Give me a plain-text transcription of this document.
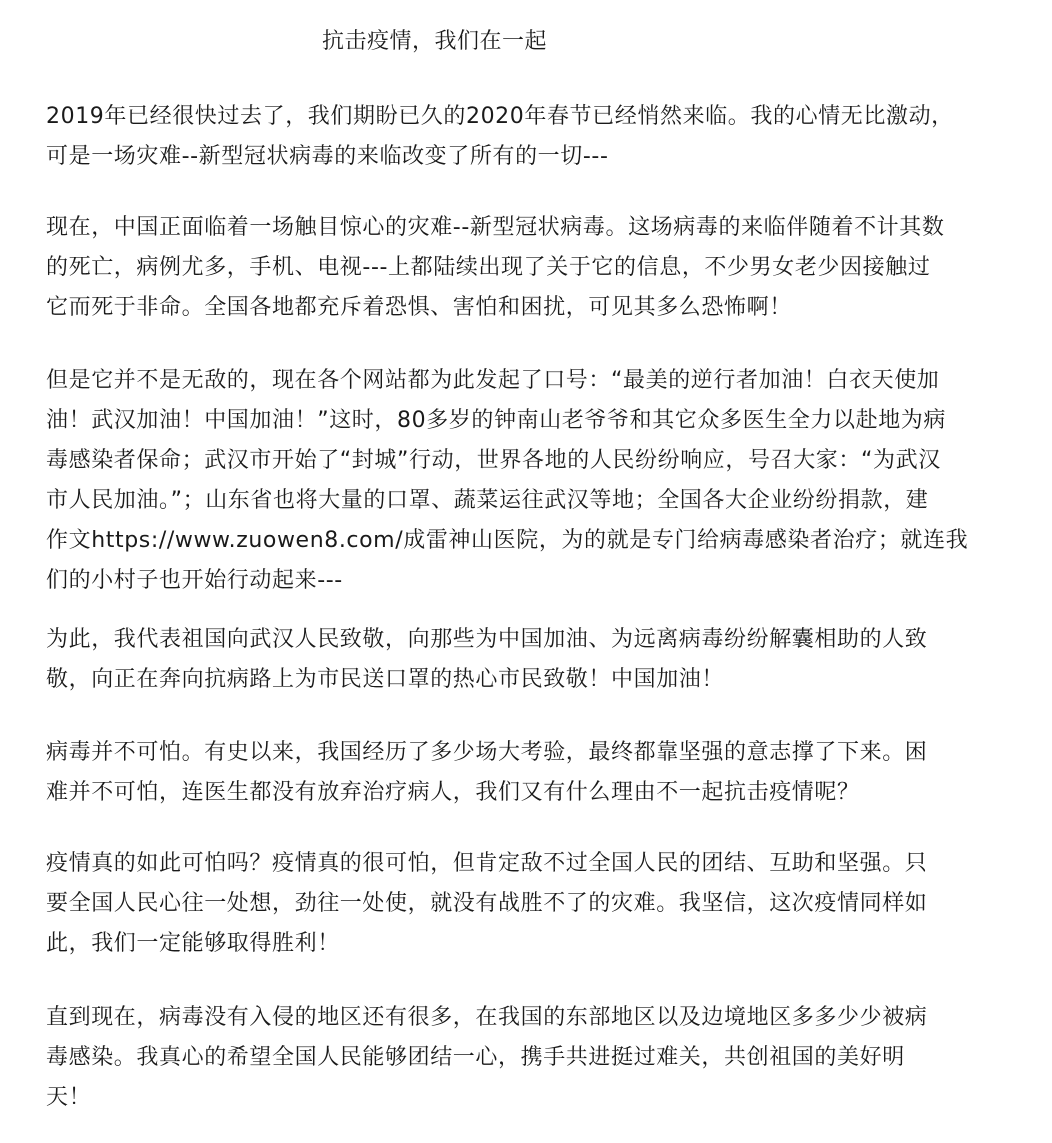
抗击疫情，我们在一起

2019年已经很快过去了，我们期盼已久的2020年春节已经悄然来临。我的心情无比激动，
可是一场灾难--新型冠状病毒的来临改变了所有的一切---

现在，中国正面临着一场触目惊心的灾难--新型冠状病毒。这场病毒的来临伴随着不计其数
的死亡，病例尤多，手机、电视---上都陆续出现了关于它的信息，不少男女老少因接触过
它而死于非命。全国各地都充斥着恐惧、害怕和困扰，可见其多么恐怖啊！

但是它并不是无敌的，现在各个网站都为此发起了口号：“最美的逆行者加油！白衣天使加
油！武汉加油！中国加油！”这时，80多岁的钟南山老爷爷和其它众多医生全力以赴地为病
毒感染者保命；武汉市开始了“封城”行动，世界各地的人民纷纷响应，号召大家：“为武汉
市人民加油。”；山东省也将大量的口罩、蔬菜运往武汉等地；全国各大企业纷纷捐款，建
作文https://www.zuowen8.com/成雷神山医院，为的就是专门给病毒感染者治疗；就连我
们的小村子也开始行动起来---

为此，我代表祖国向武汉人民致敬，向那些为中国加油、为远离病毒纷纷解囊相助的人致
敬，向正在奔向抗病路上为市民送口罩的热心市民致敬！中国加油！

病毒并不可怕。有史以来，我国经历了多少场大考验，最终都靠坚强的意志撑了下来。困
难并不可怕，连医生都没有放弃治疗病人，我们又有什么理由不一起抗击疫情呢？

疫情真的如此可怕吗？疫情真的很可怕，但肯定敌不过全国人民的团结、互助和坚强。只
要全国人民心往一处想，劲往一处使，就没有战胜不了的灾难。我坚信，这次疫情同样如
此，我们一定能够取得胜利！

直到现在，病毒没有入侵的地区还有很多，在我国的东部地区以及边境地区多多少少被病
毒感染。我真心的希望全国人民能够团结一心，携手共进挺过难关，共创祖国的美好明
天！
